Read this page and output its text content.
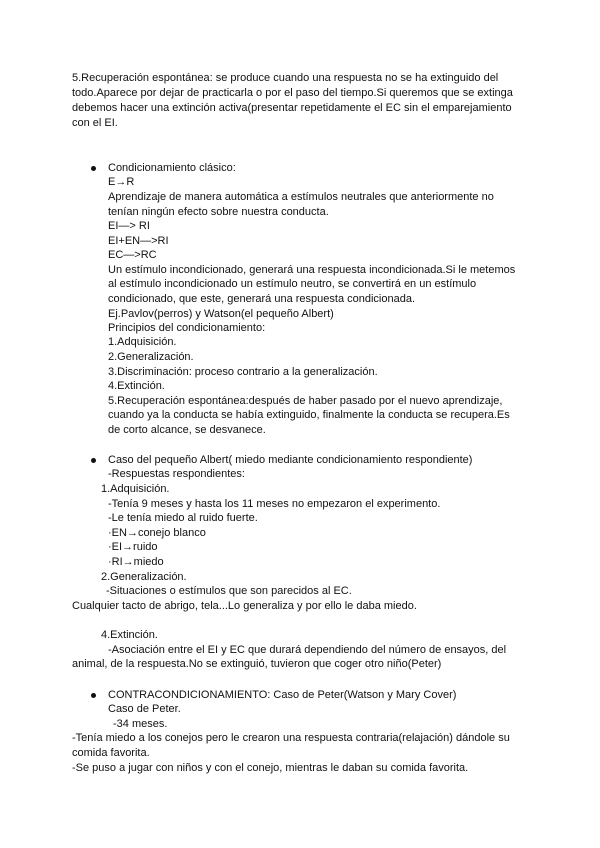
5.Recuperación espontánea: se produce cuando una respuesta no se ha extinguido del
todo.Aparece por dejar de practicarla o por el paso del tiempo.Si queremos que se extinga
debemos hacer una extinción activa(presentar repetidamente el EC sin el emparejamiento
con el EI.
Condicionamiento clásico:
E→R
Aprendizaje de manera automática a estímulos neutrales que anteriormente no
tenían ningún efecto sobre nuestra conducta.
EI—> RI
EI+EN—>RI
EC—>RC
Un estímulo incondicionado, generará una respuesta incondicionada.Si le metemos
al estímulo incondicionado un estímulo neutro, se convertirá en un estímulo
condicionado, que este, generará una respuesta condicionada.
Ej.Pavlov(perros) y Watson(el pequeño Albert)
Principios del condicionamiento:
1.Adquisición.
2.Generalización.
3.Discriminación: proceso contrario a la generalización.
4.Extinción.
5.Recuperación espontánea:después de haber pasado por el nuevo aprendizaje,
cuando ya la conducta se había extinguido, finalmente la conducta se recupera.Es
de corto alcance, se desvanece.
Caso del pequeño Albert( miedo mediante condicionamiento respondiente)
-Respuestas respondientes:
1.Adquisición.
-Tenía 9 meses y hasta los 11 meses no empezaron el experimento.
-Le tenía miedo al ruido fuerte.
·EN→conejo blanco
·EI→ruido
·RI→miedo
2.Generalización.
-Situaciones o estímulos que son parecidos al EC.
Cualquier tacto de abrigo, tela...Lo generaliza y por ello le daba miedo.
4.Extinción.
-Asociación entre el EI y EC que durará dependiendo del número de ensayos, del
animal, de la respuesta.No se extinguió, tuvieron que coger otro niño(Peter)
CONTRACONDICIONAMIENTO: Caso de Peter(Watson y Mary Cover)
Caso de Peter.
-34 meses.
-Tenía miedo a los conejos pero le crearon una respuesta contraria(relajación) dándole su
comida favorita.
-Se puso a jugar con niños y con el conejo, mientras le daban su comida favorita.
